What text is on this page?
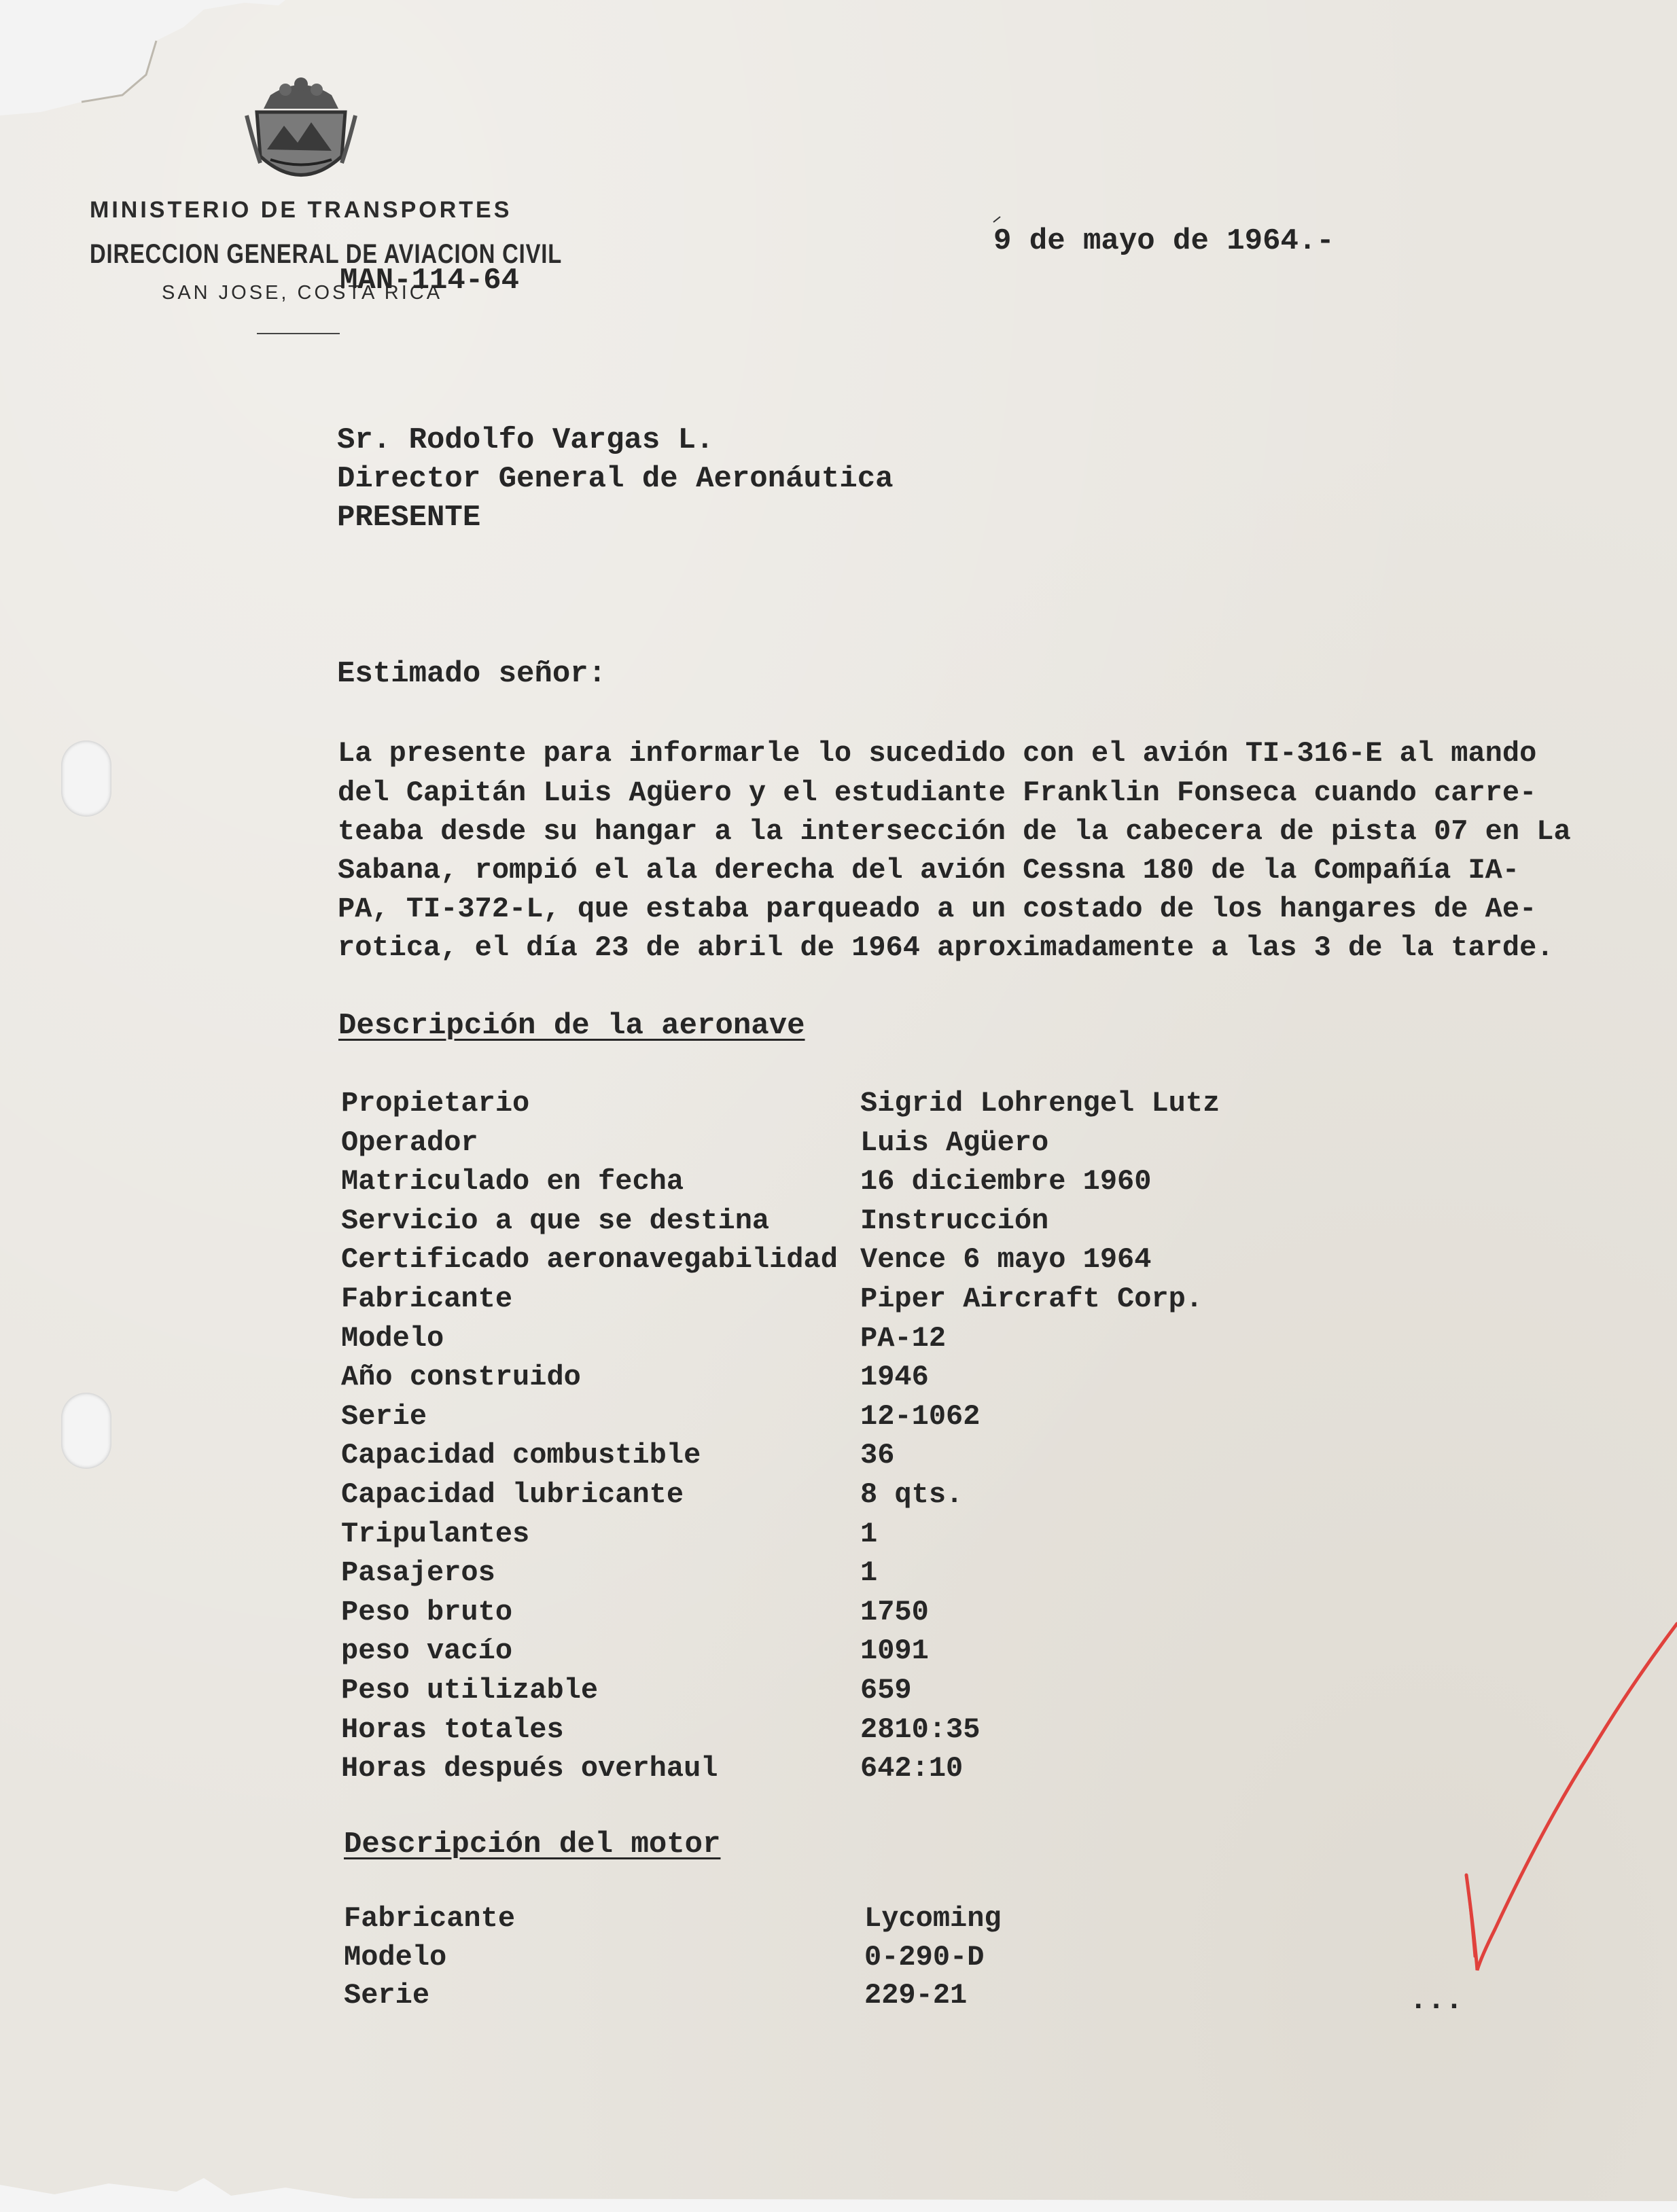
MINISTERIO DE TRANSPORTES
DIRECCION GENERAL DE AVIACION CIVIL
SAN JOSE, COSTA RICA
MAN-114-64
9 de mayo de 1964.-
Sr. Rodolfo Vargas L.
Director General de Aeronáutica
PRESENTE
Estimado señor:
La presente para informarle lo sucedido con el avión TI-316-E al mando
del Capitán Luis Agüero y el estudiante Franklin Fonseca cuando carre-
teaba desde su hangar a la intersección de la cabecera de pista 07 en La
Sabana, rompió el ala derecha del avión Cessna 180 de la Compañía IA-
PA, TI-372-L, que estaba parqueado a un costado de los hangares de Ae-
rotica, el día 23 de abril de 1964 aproximadamente a las 3 de la tarde.
Descripción de la aeronave
Propietario	Sigrid Lohrengel Lutz
Operador	Luis Agüero
Matriculado en fecha	16 diciembre 1960
Servicio a que se destina	Instrucción
Certificado aeronavegabilidad Vence 6 mayo 1964
Fabricante	Piper Aircraft Corp.
Modelo	PA-12
Año construido	1946
Serie	12-1062
Capacidad combustible	36
Capacidad lubricante	8 qts.
Tripulantes	1
Pasajeros	1
Peso bruto	1750
peso vacío	1091
Peso utilizable	659
Horas totales	2810:35
Horas después overhaul	642:10
Descripción del motor
Fabricante	Lycoming
Modelo	0-290-D
Serie	229-21	...
